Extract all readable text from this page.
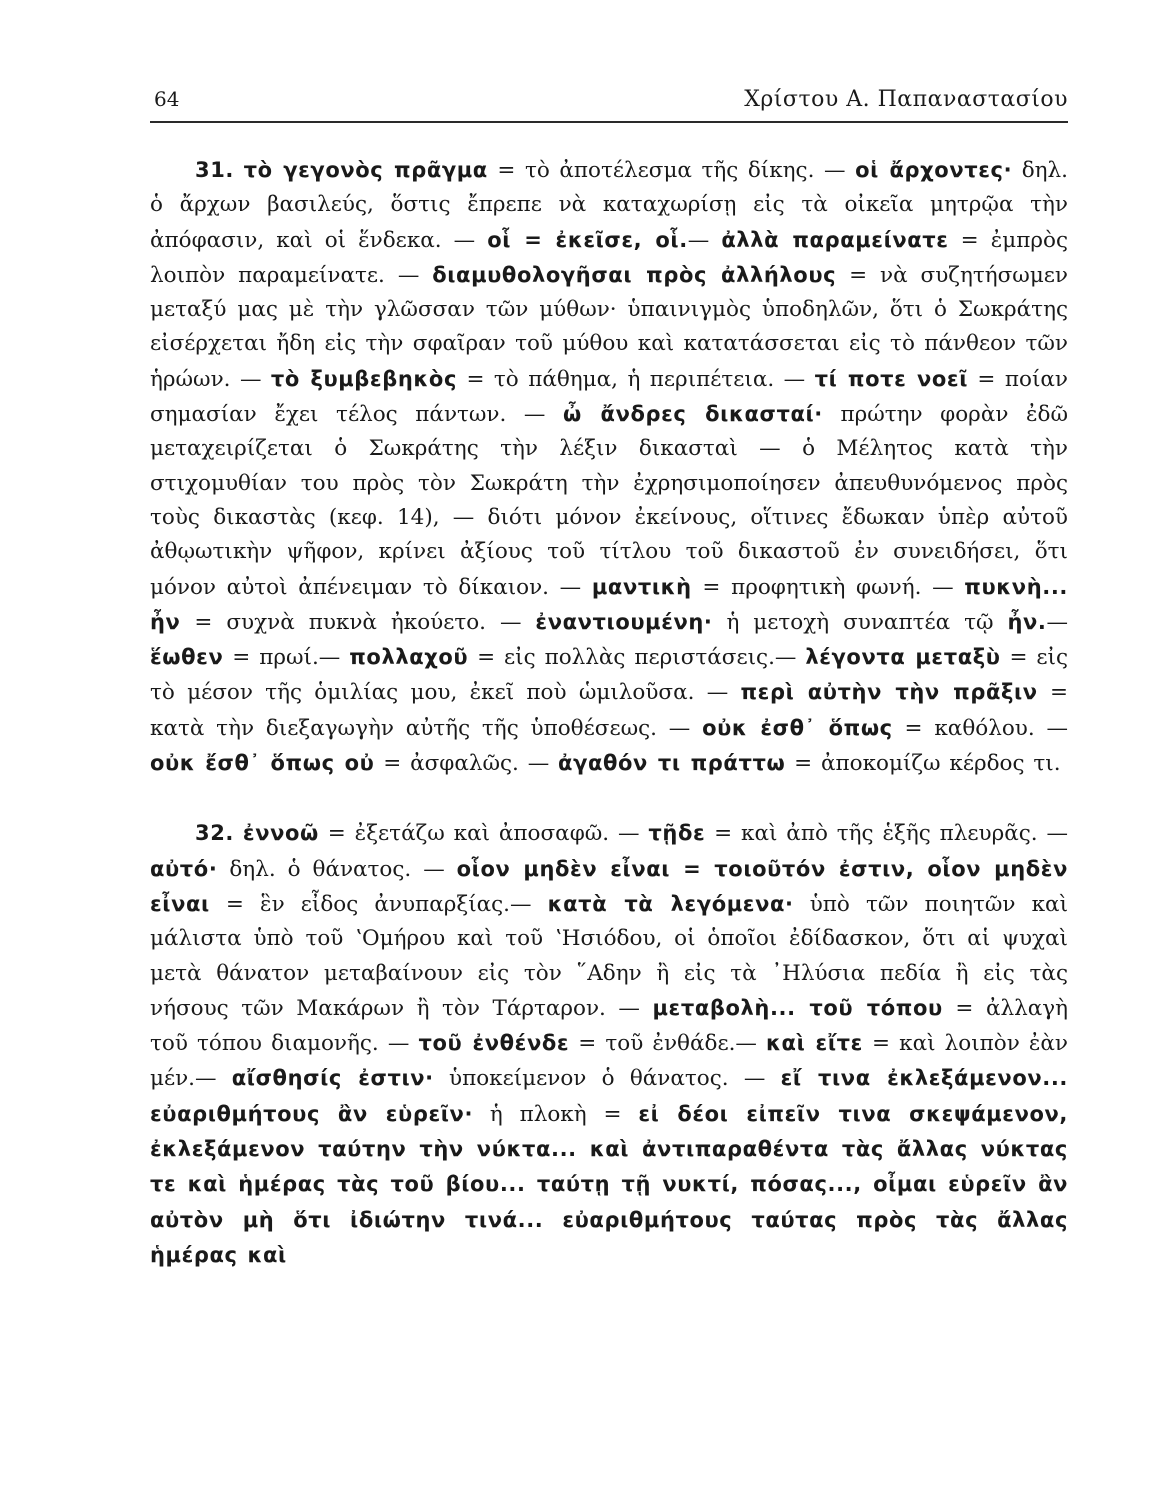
64	Χρίστου Α. Παπαναστασίου

31. τὸ γεγονὸς πρᾶγμα = τὸ ἀποτέλεσμα τῆς δίκης. — οἱ ἄρχοντες· δηλ. ὁ ἄρχων βασιλεύς, ὅστις ἔπρεπε νὰ καταχωρίσῃ εἰς τὰ οἰκεῖα μητρῷα τὴν ἀπόφασιν, καὶ οἱ ἕνδεκα. — οἷ = ἐκεῖσε, οἷ.— ἀλλὰ παραμείνατε = ἐμπρὸς λοιπὸν παραμείνατε. — διαμυθολογῆσαι πρὸς ἀλλήλους = νὰ συζητήσωμεν μεταξύ μας μὲ τὴν γλῶσσαν τῶν μύθων· ὑπαινιγμὸς ὑποδηλῶν, ὅτι ὁ Σωκράτης εἰσέρχεται ἤδη εἰς τὴν σφαῖραν τοῦ μύθου καὶ κατατάσσεται εἰς τὸ πάνθεον τῶν ἡρώων. — τὸ ξυμβεβηκὸς = τὸ πάθημα, ἡ περιπέτεια. — τί ποτε νοεῖ = ποίαν σημασίαν ἔχει τέλος πάντων. — ὦ ἄνδρες δικασταί· πρώτην φορὰν ἐδῶ μεταχειρίζεται ὁ Σωκράτης τὴν λέξιν δικασταὶ — ὁ Μέλητος κατὰ τὴν στιχομυθίαν του πρὸς τὸν Σωκράτη τὴν ἐχρησιμοποίησεν ἀπευθυνόμενος πρὸς τοὺς δικαστὰς (κεφ. 14), — διότι μόνον ἐκείνους, οἵτινες ἔδωκαν ὑπὲρ αὐτοῦ ἀθῳωτικὴν ψῆφον, κρίνει ἀξίους τοῦ τίτλου τοῦ δικαστοῦ ἐν συνειδήσει, ὅτι μόνον αὐτοὶ ἀπένειμαν τὸ δίκαιον. — μαντικὴ = προφητικὴ φωνή. — πυκνὴ... ἦν = συχνὰ πυκνὰ ἠκούετο. — ἐναντιουμένη· ἡ μετοχὴ συναπτέα τῷ ἦν.—ἕωθεν = πρωί.— πολλαχοῦ = εἰς πολλὰς περιστάσεις.— λέγοντα μεταξὺ = εἰς τὸ μέσον τῆς ὁμιλίας μου, ἐκεῖ ποὺ ὡμιλοῦσα. — περὶ αὐτὴν τὴν πρᾶξιν = κατὰ τὴν διεξαγωγὴν αὐτῆς τῆς ὑποθέσεως. — οὐκ ἐσθ᾽ ὅπως = καθόλου. — οὐκ ἔσθ᾽ ὅπως οὐ = ἀσφαλῶς. — ἀγαθόν τι πράττω = ἀποκομίζω κέρδος τι.

32. ἐννοῶ = ἐξετάζω καὶ ἀποσαφῶ. — τῇδε = καὶ ἀπὸ τῆς ἑξῆς πλευρᾶς. — αὐτό· δηλ. ὁ θάνατος. — οἷον μηδὲν εἶναι = τοιοῦτόν ἐστιν, οἷον μηδὲν εἶναι = ἓν εἶδος ἀνυπαρξίας.— κατὰ τὰ λεγόμενα· ὑπὸ τῶν ποιητῶν καὶ μάλιστα ὑπὸ τοῦ ʽΟμήρου καὶ τοῦ ʽΗσιόδου, οἱ ὁποῖοι ἐδίδασκον, ὅτι αἱ ψυχαὶ μετὰ θάνατον μεταβαίνουν εἰς τὸν ῞Αδην ἢ εἰς τὰ ᾿Ηλύσια πεδία ἢ εἰς τὰς νήσους τῶν Μακάρων ἢ τὸν Τάρταρον. — μεταβολὴ... τοῦ τόπου = ἀλλαγὴ τοῦ τόπου διαμονῆς. — τοῦ ἐνθένδε = τοῦ ἐνθάδε.— καὶ εἴτε = καὶ λοιπὸν ἐὰν μέν.— αἴσθησίς ἐστιν· ὑποκείμενον ὁ θάνατος. — εἴ τινα ἐκλεξάμενον... εὐαριθμήτους ἂν εὑρεῖν· ἡ πλοκὴ = εἰ δέοι εἰπεῖν τινα σκεψάμενον, ἐκλεξάμενον ταύτην τὴν νύκτα... καὶ ἀντιπαραθέντα τὰς ἄλλας νύκτας τε καὶ ἡμέρας τὰς τοῦ βίου... ταύτῃ τῇ νυκτί, πόσας..., οἶμαι εὑρεῖν ἂν αὐτὸν μὴ ὅτι ἰδιώτην τινά... εὐαριθμήτους ταύτας πρὸς τὰς ἄλλας ἡμέρας καὶ
